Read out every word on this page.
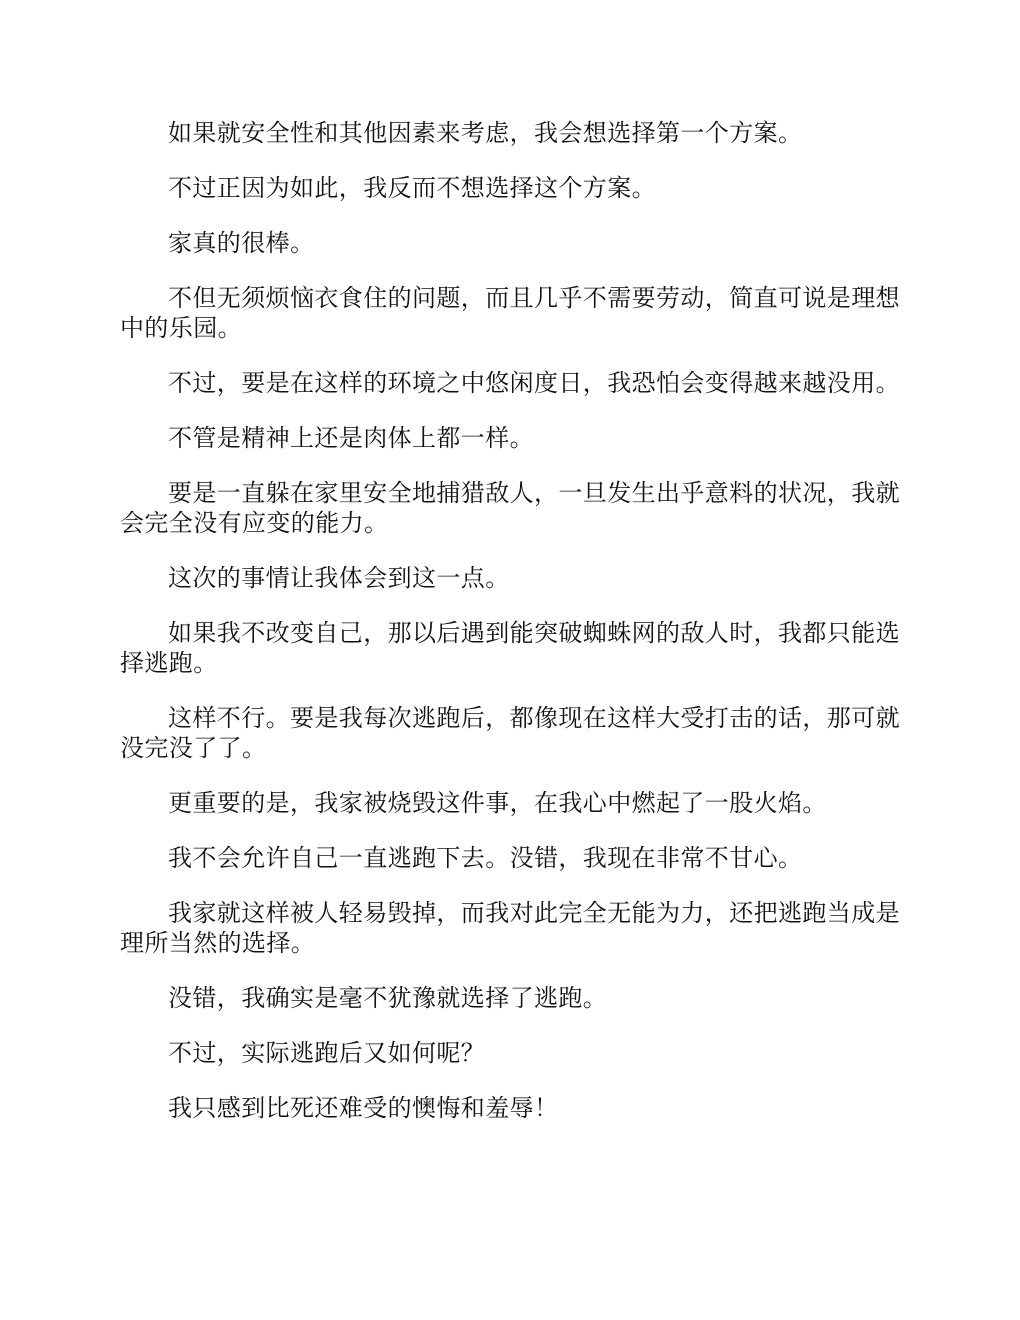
如果就安全性和其他因素来考虑，我会想选择第一个方案。

不过正因为如此，我反而不想选择这个方案。

家真的很棒。

不但无须烦恼衣食住的问题，而且几乎不需要劳动，简直可说是理想中的乐园。

不过，要是在这样的环境之中悠闲度日，我恐怕会变得越来越没用。

不管是精神上还是肉体上都一样。

要是一直躲在家里安全地捕猎敌人，一旦发生出乎意料的状况，我就会完全没有应变的能力。

这次的事情让我体会到这一点。

如果我不改变自己，那以后遇到能突破蜘蛛网的敌人时，我都只能选择逃跑。

这样不行。要是我每次逃跑后，都像现在这样大受打击的话，那可就没完没了了。

更重要的是，我家被烧毁这件事，在我心中燃起了一股火焰。

我不会允许自己一直逃跑下去。没错，我现在非常不甘心。

我家就这样被人轻易毁掉，而我对此完全无能为力，还把逃跑当成是理所当然的选择。

没错，我确实是毫不犹豫就选择了逃跑。

不过，实际逃跑后又如何呢？

我只感到比死还难受的懊悔和羞辱！
